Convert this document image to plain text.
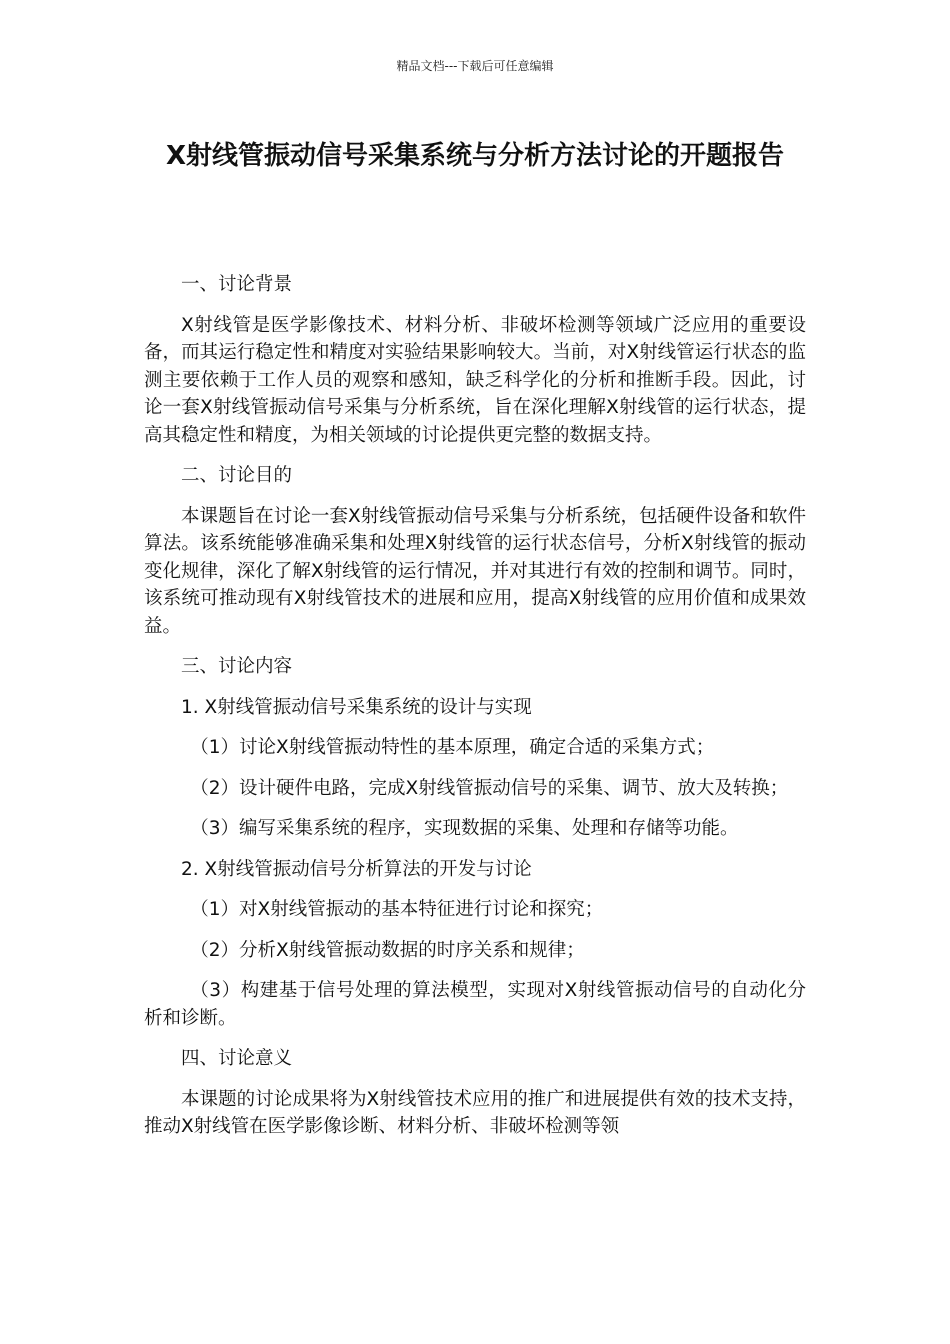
精品文档---下载后可任意编辑
X射线管振动信号采集系统与分析方法讨论的开题报告

一、讨论背景

X射线管是医学影像技术、材料分析、非破坏检测等领域广泛应用的重要设备，而其运行稳定性和精度对实验结果影响较大。当前，对X射线管运行状态的监测主要依赖于工作人员的观察和感知，缺乏科学化的分析和推断手段。因此，讨论一套X射线管振动信号采集与分析系统，旨在深化理解X射线管的运行状态，提高其稳定性和精度，为相关领域的讨论提供更完整的数据支持。

二、讨论目的

本课题旨在讨论一套X射线管振动信号采集与分析系统，包括硬件设备和软件算法。该系统能够准确采集和处理X射线管的运行状态信号，分析X射线管的振动变化规律，深化了解X射线管的运行情况，并对其进行有效的控制和调节。同时，该系统可推动现有X射线管技术的进展和应用，提高X射线管的应用价值和成果效益。

三、讨论内容

1. X射线管振动信号采集系统的设计与实现

（1）讨论X射线管振动特性的基本原理，确定合适的采集方式；

（2）设计硬件电路，完成X射线管振动信号的采集、调节、放大及转换；

（3）编写采集系统的程序，实现数据的采集、处理和存储等功能。

2. X射线管振动信号分析算法的开发与讨论

（1）对X射线管振动的基本特征进行讨论和探究；

（2）分析X射线管振动数据的时序关系和规律；

（3）构建基于信号处理的算法模型，实现对X射线管振动信号的自动化分析和诊断。

四、讨论意义

本课题的讨论成果将为X射线管技术应用的推广和进展提供有效的技术支持，推动X射线管在医学影像诊断、材料分析、非破坏检测等领
